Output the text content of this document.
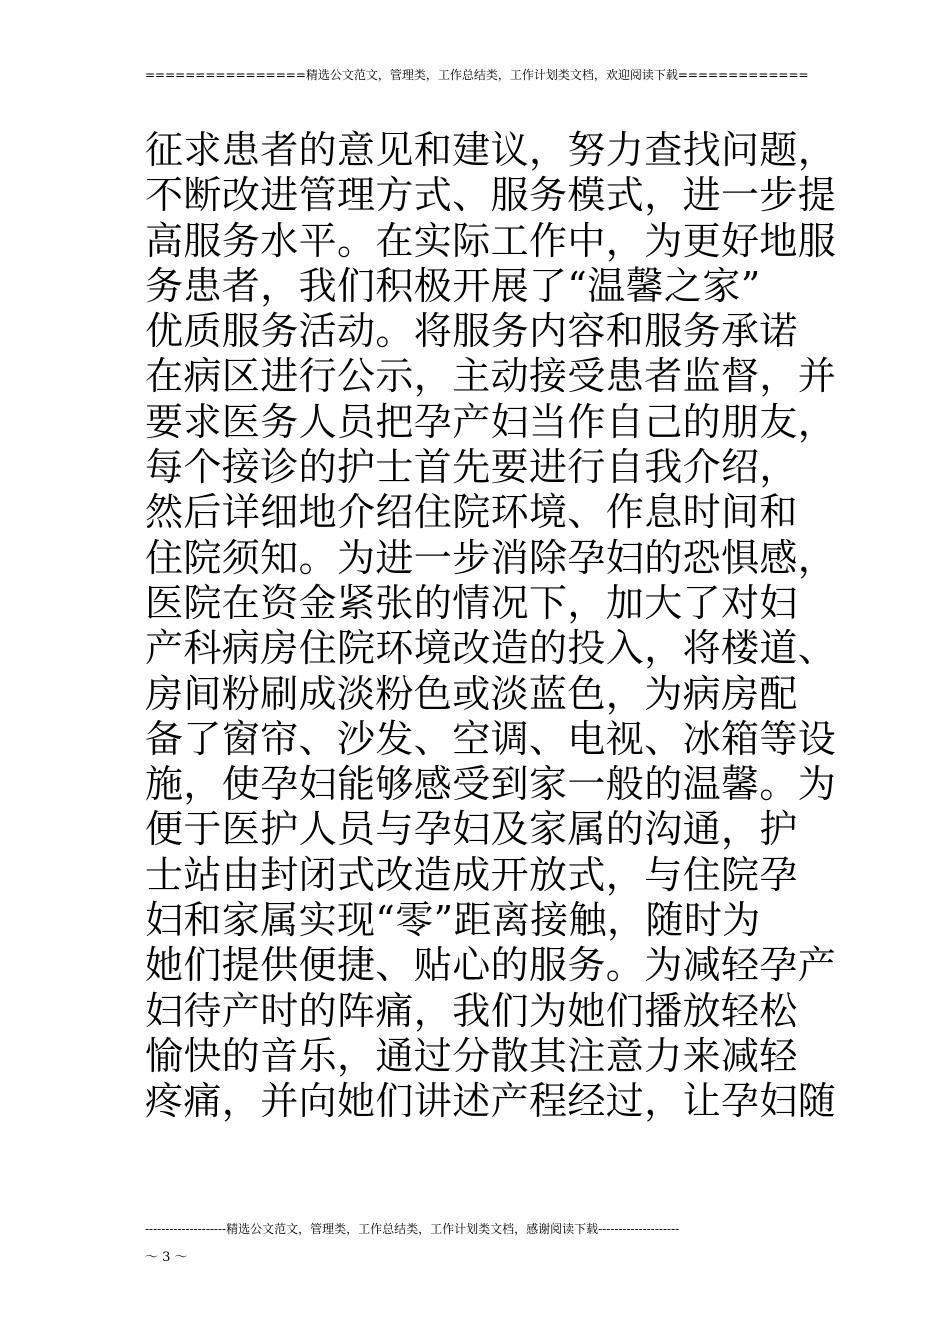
================精选公文范文，管理类，工作总结类，工作计划类文档，欢迎阅读下载=============
征求患者的意见和建议，努力查找问题，
不断改进管理方式、服务模式，进一步提
高服务水平。在实际工作中，为更好地服
务患者，我们积极开展了“温馨之家”
优质服务活动。将服务内容和服务承诺
在病区进行公示，主动接受患者监督，并
要求医务人员把孕产妇当作自己的朋友，
每个接诊的护士首先要进行自我介绍，
然后详细地介绍住院环境、作息时间和
住院须知。为进一步消除孕妇的恐惧感，
医院在资金紧张的情况下，加大了对妇
产科病房住院环境改造的投入，将楼道、
房间粉刷成淡粉色或淡蓝色，为病房配
备了窗帘、沙发、空调、电视、冰箱等设
施，使孕妇能够感受到家一般的温馨。为
便于医护人员与孕妇及家属的沟通，护
士站由封闭式改造成开放式，与住院孕
妇和家属实现“零”距离接触，随时为
她们提供便捷、贴心的服务。为减轻孕产
妇待产时的阵痛，我们为她们播放轻松
愉快的音乐，通过分散其注意力来减轻
疼痛，并向她们讲述产程经过，让孕妇随
--------------------精选公文范文，管理类，工作总结类，工作计划类文档，感谢阅读下载--------------------
～ 3 ～
